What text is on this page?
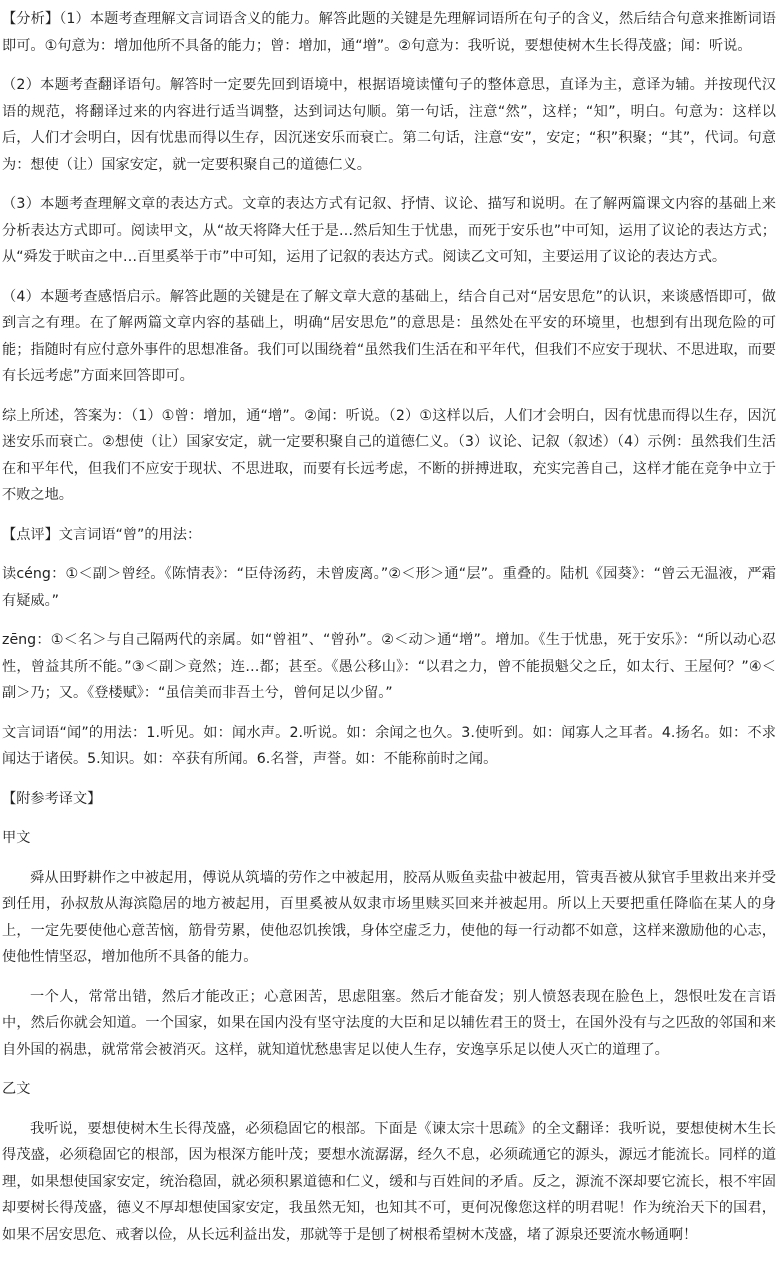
【分析】（1）本题考查理解文言词语含义的能力。解答此题的关键是先理解词语所在句子的含义，然后结合句意来推断词语即可。①句意为：增加他所不具备的能力；曾：增加，通“增”。②句意为：我听说，要想使树木生长得茂盛；闻：听说。

（2）本题考查翻译语句。解答时一定要先回到语境中，根据语境读懂句子的整体意思，直译为主，意译为辅。并按现代汉语的规范，将翻译过来的内容进行适当调整，达到词达句顺。第一句话，注意“然”，这样；“知”，明白。句意为：这样以后，人们才会明白，因有忧患而得以生存，因沉迷安乐而衰亡。第二句话，注意“安”，安定；“积”积聚；“其”，代词。句意为：想使（让）国家安定，就一定要积聚自己的道德仁义。

（3）本题考查理解文章的表达方式。文章的表达方式有记叙、抒情、议论、描写和说明。在了解两篇课文内容的基础上来分析表达方式即可。阅读甲文，从“故天将降大任于是…然后知生于忧患，而死于安乐也”中可知，运用了议论的表达方式；从“舜发于畎亩之中…百里奚举于市”中可知，运用了记叙的表达方式。阅读乙文可知，主要运用了议论的表达方式。

（4）本题考查感悟启示。解答此题的关键是在了解文章大意的基础上，结合自己对“居安思危”的认识，来谈感悟即可，做到言之有理。在了解两篇文章内容的基础上，明确“居安思危”的意思是：虽然处在平安的环境里，也想到有出现危险的可能；指随时有应付意外事件的思想准备。我们可以围绕着“虽然我们生活在和平年代，但我们不应安于现状、不思进取，而要有长远考虑”方面来回答即可。

综上所述，答案为：（1）①曾：增加，通“增”。②闻：听说。（2）①这样以后，人们才会明白，因有忧患而得以生存，因沉迷安乐而衰亡。②想使（让）国家安定，就一定要积聚自己的道德仁义。（3）议论、记叙（叙述）（4）示例：虽然我们生活在和平年代，但我们不应安于现状、不思进取，而要有长远考虑，不断的拼搏进取，充实完善自己，这样才能在竞争中立于不败之地。

【点评】文言词语“曾”的用法：

读céng：①＜副＞曾经。《陈情表》：“臣侍汤药，未曾废离。”②＜形＞通“层”。重叠的。陆机《园葵》：“曾云无温液，严霜有疑威。”

zēng：①＜名＞与自己隔两代的亲属。如“曾祖”、“曾孙”。②＜动＞通“增”。增加。《生于忧患，死于安乐》：“所以动心忍性，曾益其所不能。”③＜副＞竟然；连…都；甚至。《愚公移山》：“以君之力，曾不能损魁父之丘，如太行、王屋何？”④＜副＞乃；又。《登楼赋》：“虽信美而非吾土兮，曾何足以少留。”

文言词语“闻”的用法：1.听见。如：闻水声。2.听说。如：余闻之也久。3.使听到。如：闻寡人之耳者。4.扬名。如：不求闻达于诸侯。5.知识。如：卒获有所闻。6.名誉，声誉。如：不能称前时之闻。

【附参考译文】

甲文

舜从田野耕作之中被起用，傅说从筑墙的劳作之中被起用，胶鬲从贩鱼卖盐中被起用，管夷吾被从狱官手里救出来并受到任用，孙叔敖从海滨隐居的地方被起用，百里奚被从奴隶市场里赎买回来并被起用。所以上天要把重任降临在某人的身上，一定先要使他心意苦恼，筋骨劳累，使他忍饥挨饿，身体空虚乏力，使他的每一行动都不如意，这样来激励他的心志，使他性情坚忍，增加他所不具备的能力。

一个人，常常出错，然后才能改正；心意困苦，思虑阻塞。然后才能奋发；别人愤怒表现在脸色上，怨恨吐发在言语中，然后你就会知道。一个国家，如果在国内没有坚守法度的大臣和足以辅佐君王的贤士，在国外没有与之匹敌的邻国和来自外国的祸患，就常常会被消灭。这样，就知道忧愁患害足以使人生存，安逸享乐足以使人灭亡的道理了。

乙文

我听说，要想使树木生长得茂盛，必须稳固它的根部。下面是《谏太宗十思疏》的全文翻译：我听说，要想使树木生长得茂盛，必须稳固它的根部，因为根深方能叶茂；要想水流潺潺，经久不息，必须疏通它的源头，源远才能流长。同样的道理，如果想使国家安定，统治稳固，就必须积累道德和仁义，缓和与百姓间的矛盾。反之，源流不深却要它流长，根不牢固却要树长得茂盛，德义不厚却想使国家安定，我虽然无知，也知其不可，更何况像您这样的明君呢！作为统治天下的国君，如果不居安思危、戒奢以俭，从长远利益出发，那就等于是刨了树根希望树木茂盛，堵了源泉还要流水畅通啊！
